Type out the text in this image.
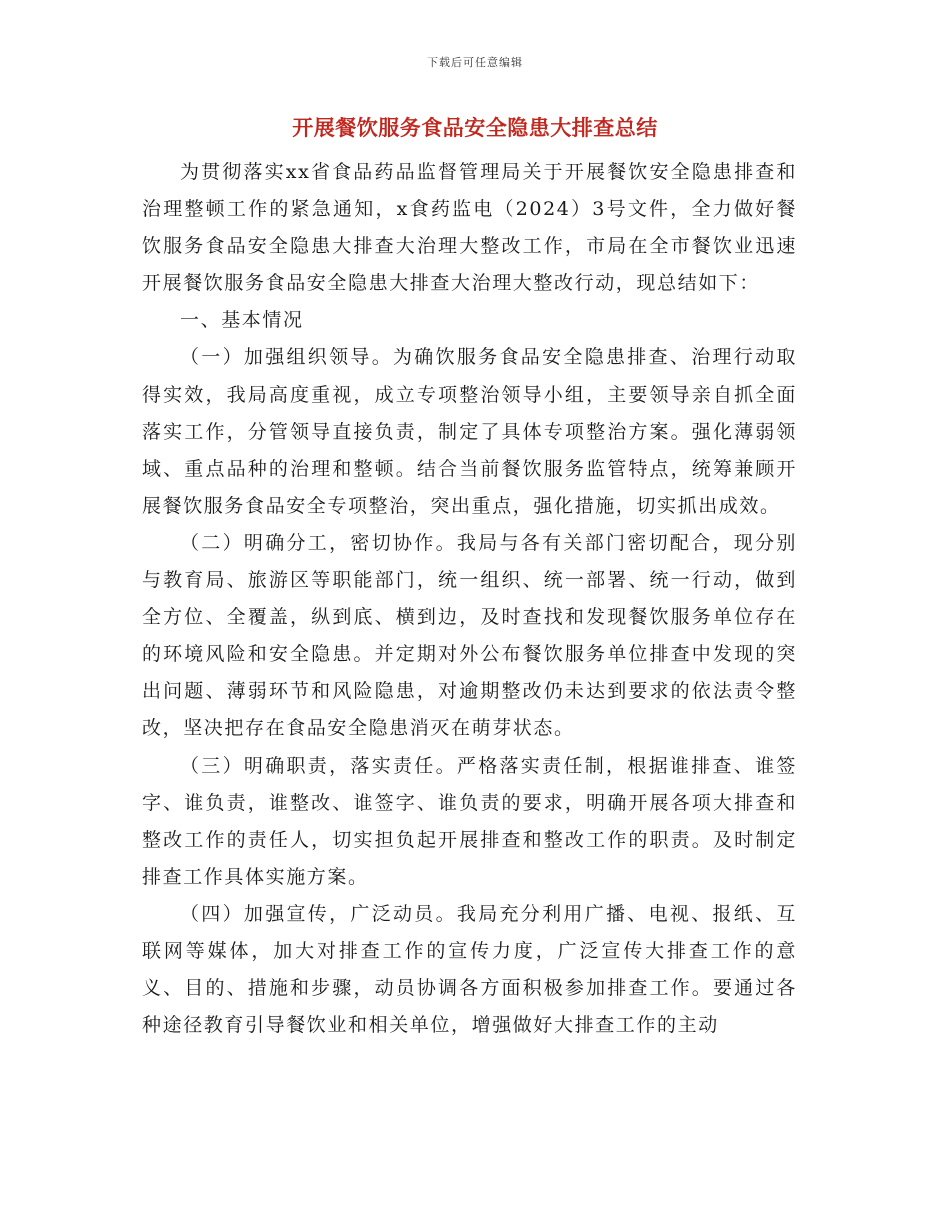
下载后可任意编辑
开展餐饮服务食品安全隐患大排查总结

为贯彻落实xx省食品药品监督管理局关于开展餐饮安全隐患排查和治理整顿工作的紧急通知，x食药监电（2024）3号文件，全力做好餐饮服务食品安全隐患大排查大治理大整改工作，市局在全市餐饮业迅速开展餐饮服务食品安全隐患大排查大治理大整改行动，现总结如下：

一、基本情况

（一）加强组织领导。为确饮服务食品安全隐患排查、治理行动取得实效，我局高度重视，成立专项整治领导小组，主要领导亲自抓全面落实工作，分管领导直接负责，制定了具体专项整治方案。强化薄弱领域、重点品种的治理和整顿。结合当前餐饮服务监管特点，统筹兼顾开展餐饮服务食品安全专项整治，突出重点，强化措施，切实抓出成效。

（二）明确分工，密切协作。我局与各有关部门密切配合，现分别与教育局、旅游区等职能部门，统一组织、统一部署、统一行动，做到全方位、全覆盖，纵到底、横到边，及时查找和发现餐饮服务单位存在的环境风险和安全隐患。并定期对外公布餐饮服务单位排查中发现的突出问题、薄弱环节和风险隐患，对逾期整改仍未达到要求的依法责令整改，坚决把存在食品安全隐患消灭在萌芽状态。

（三）明确职责，落实责任。严格落实责任制，根据谁排查、谁签字、谁负责，谁整改、谁签字、谁负责的要求，明确开展各项大排查和整改工作的责任人，切实担负起开展排查和整改工作的职责。及时制定排查工作具体实施方案。

（四）加强宣传，广泛动员。我局充分利用广播、电视、报纸、互联网等媒体，加大对排查工作的宣传力度，广泛宣传大排查工作的意义、目的、措施和步骤，动员协调各方面积极参加排查工作。要通过各种途径教育引导餐饮业和相关单位，增强做好大排查工作的主动
